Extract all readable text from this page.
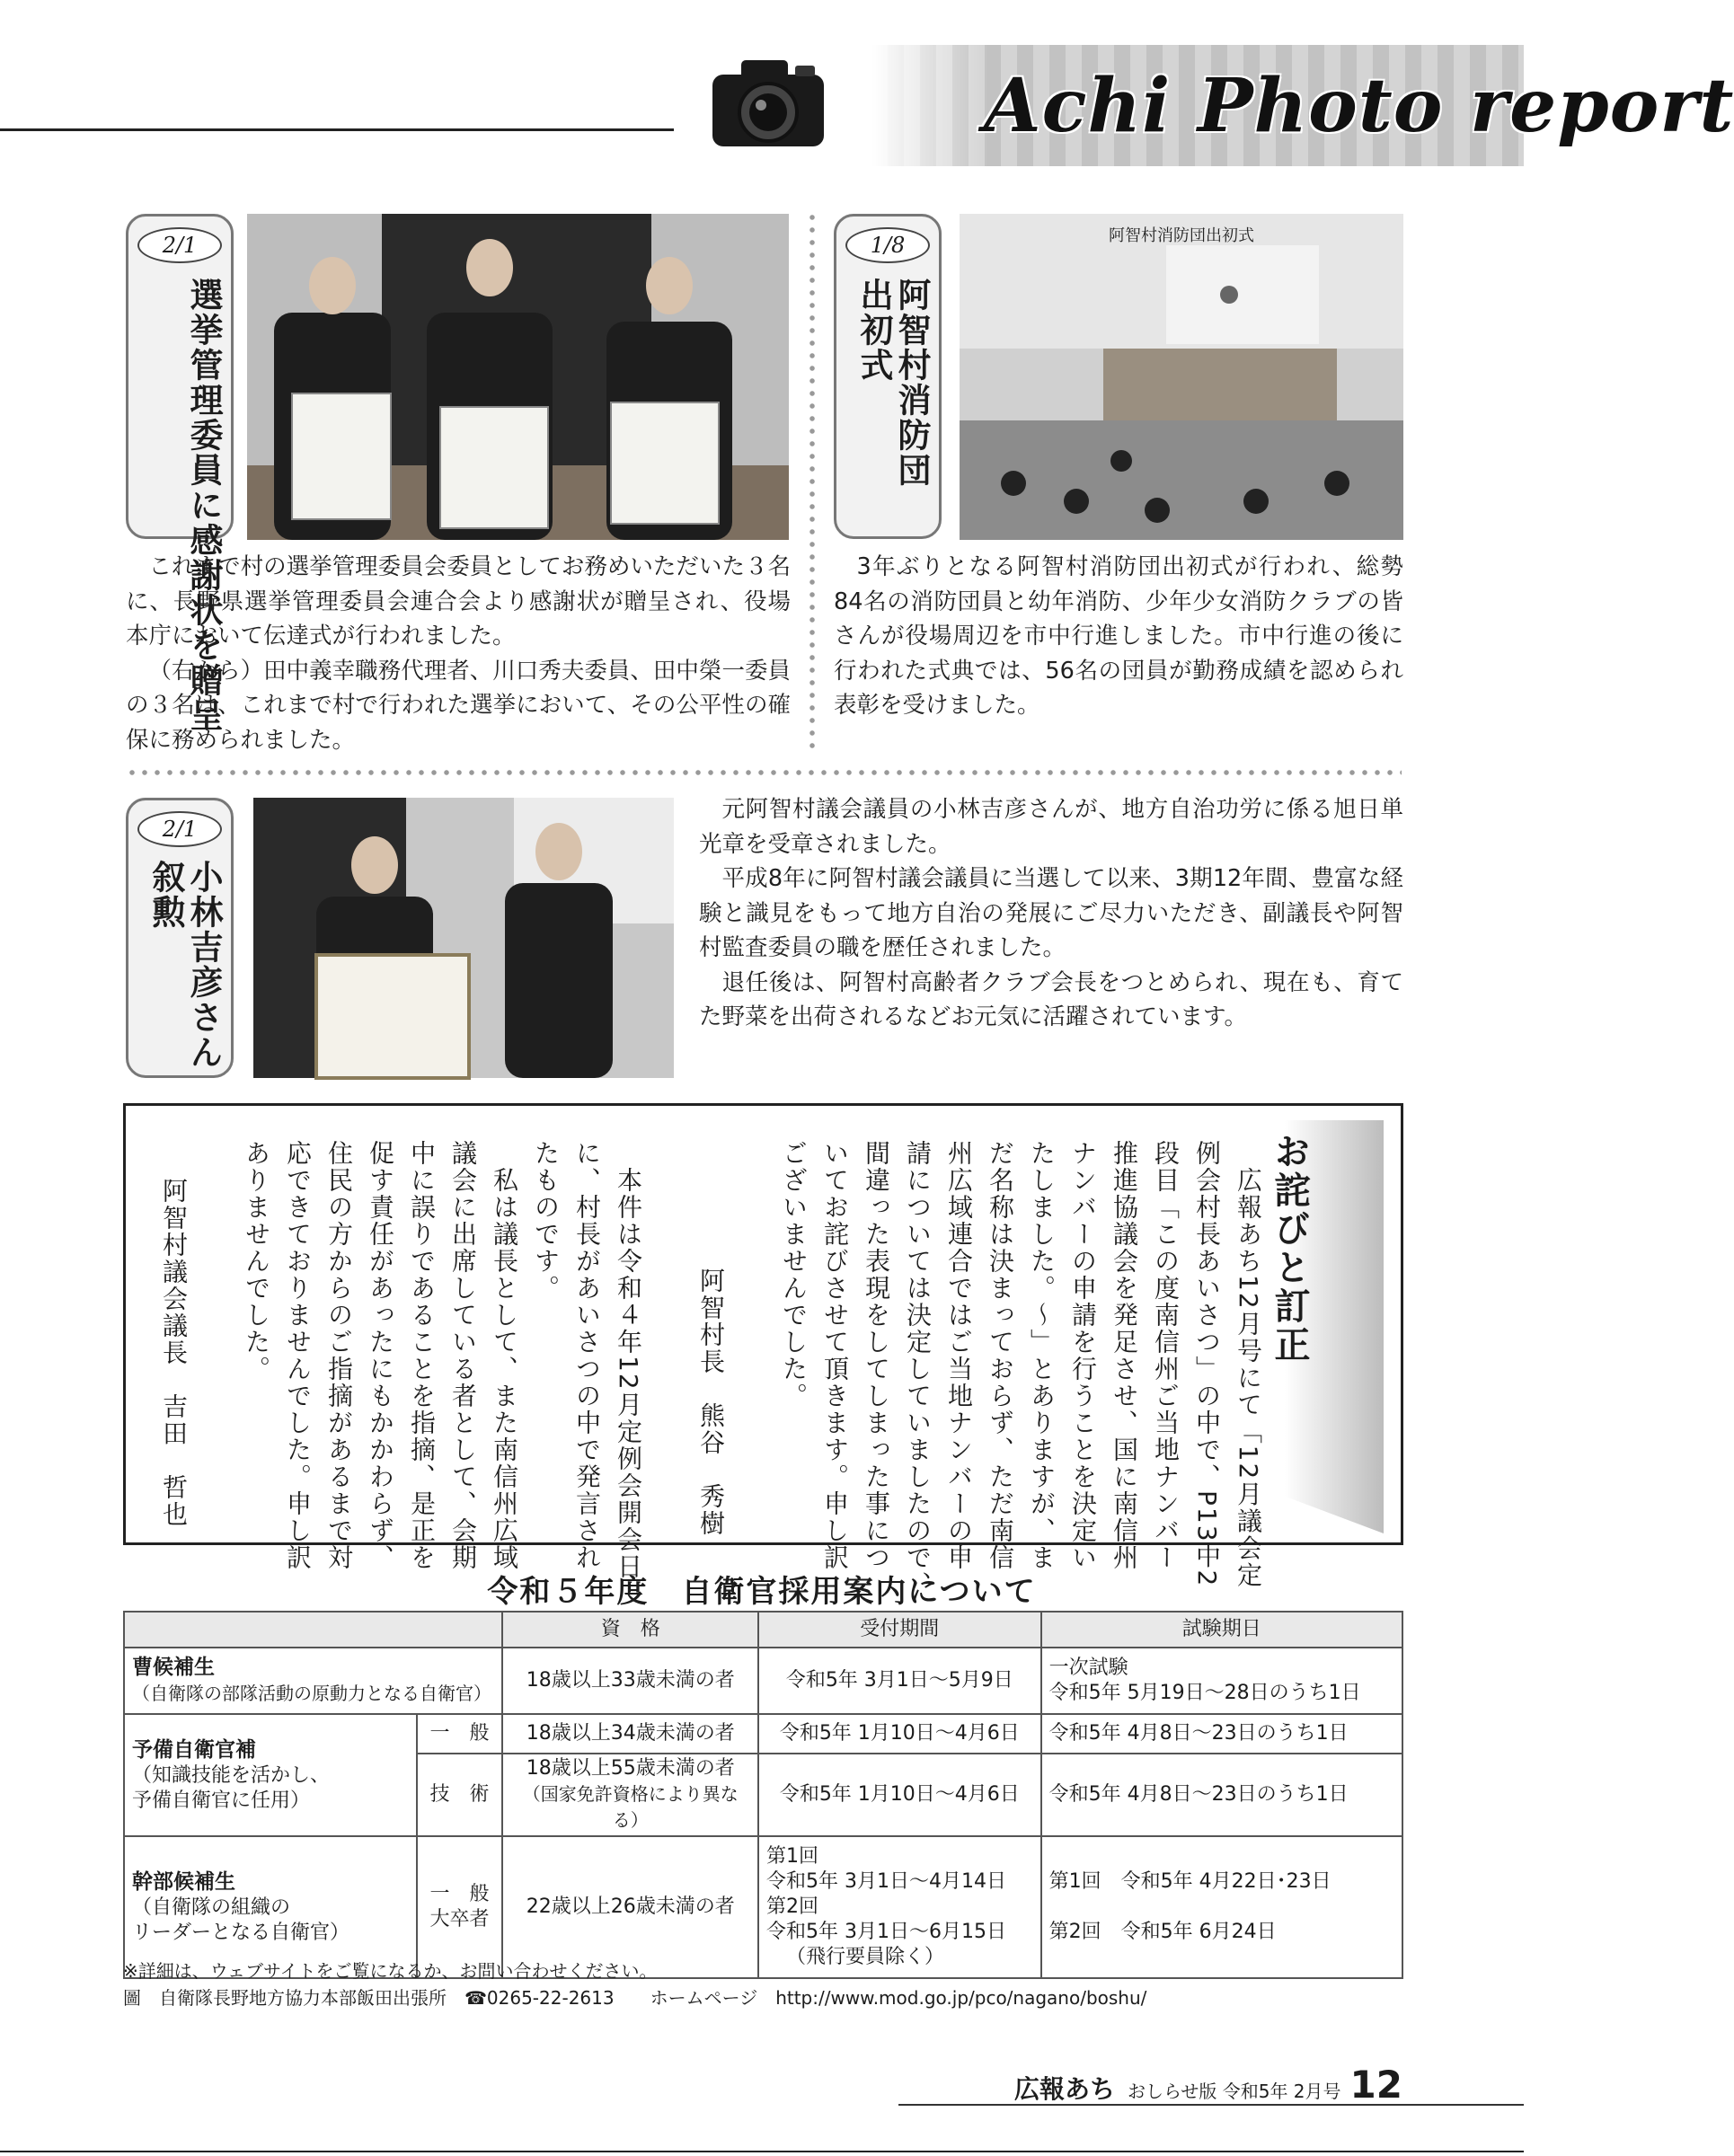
Achi Photo report
2/1
選挙管理委員に感謝状を贈呈

これまで村の選挙管理委員会委員としてお務めいただいた３名に、長野県選挙管理委員会連合会より感謝状が贈呈され、役場本庁において伝達式が行われました。

（右から）田中義幸職務代理者、川口秀夫委員、田中榮一委員の３名は、これまで村で行われた選挙において、その公平性の確保に務められました。

1/8
阿智村消防団
出初式
阿智村消防団出初式

3年ぶりとなる阿智村消防団出初式が行われ、総勢84名の消防団員と幼年消防、少年少女消防クラブの皆さんが役場周辺を市中行進しました。市中行進の後に行われた式典では、56名の団員が勤務成績を認められ表彰を受けました。

2/1
小林吉彦さん
叙勲

元阿智村議会議員の小林吉彦さんが、地方自治功労に係る旭日単光章を受章されました。

平成8年に阿智村議会議員に当選して以来、3期12年間、豊富な経験と識見をもって地方自治の発展にご尽力いただき、副議長や阿智村監査委員の職を歴任されました。

退任後は、阿智村高齢者クラブ会長をつとめられ、現在も、育てた野菜を出荷されるなどお元気に活躍されています。

お詫びと訂正
　広報あち12月号にて「12月議会定
例会村長あいさつ」の中で、P13中2
段目「この度南信州ご当地ナンバー
推進協議会を発足させ、国に南信州
ナンバーの申請を行うことを決定い
たしました。～」とありますが、ま
だ名称は決まっておらず、ただ南信
州広域連合ではご当地ナンバーの申
請については決定していましたので、
間違った表現をしてしまった事につ
いてお詫びさせて頂きます。申し訳
ございませんでした。
阿智村長　熊谷　秀樹
　本件は令和４年12月定例会開会日
に、村長があいさつの中で発言され
たものです。
　私は議長として、また南信州広域
議会に出席している者として、会期
中に誤りであることを指摘、是正を
促す責任があったにもかかわらず、
住民の方からのご指摘があるまで対
応できておりませんでした。申し訳
ありませんでした。
阿智村議会議長　吉田　哲也
令和５年度　自衛官採用案内について
		資　格	受付期間	試験期日
曹候補生
（自衛隊の部隊活動の原動力となる自衛官）		18歳以上33歳未満の者	令和5年 3月1日～5月9日	一次試験
令和5年 5月19日～28日のうち1日
予備自衛官補
（知識技能を活かし、
予備自衛官に任用）	一　般	18歳以上34歳未満の者	令和5年 1月10日～4月6日	令和5年 4月8日～23日のうち1日
	技　術	18歳以上55歳未満の者
（国家免許資格により異なる）	令和5年 1月10日～4月6日	令和5年 4月8日～23日のうち1日
幹部候補生
（自衛隊の組織の
リーダーとなる自衛官）	一　般
大卒者	22歳以上26歳未満の者	第1回
令和5年 3月1日～4月14日
第2回
令和5年 3月1日～6月15日
（飛行要員除く）	第1回　令和5年 4月22日･23日

第2回　令和5年 6月24日
※詳細は、ウェブサイトをご覧になるか、お問い合わせください。
圖　自衛隊長野地方協力本部飯田出張所　☎0265-22-2613　　ホームページ　http://www.mod.go.jp/pco/nagano/boshu/
広報あち おしらせ版 令和5年 2月号 12
